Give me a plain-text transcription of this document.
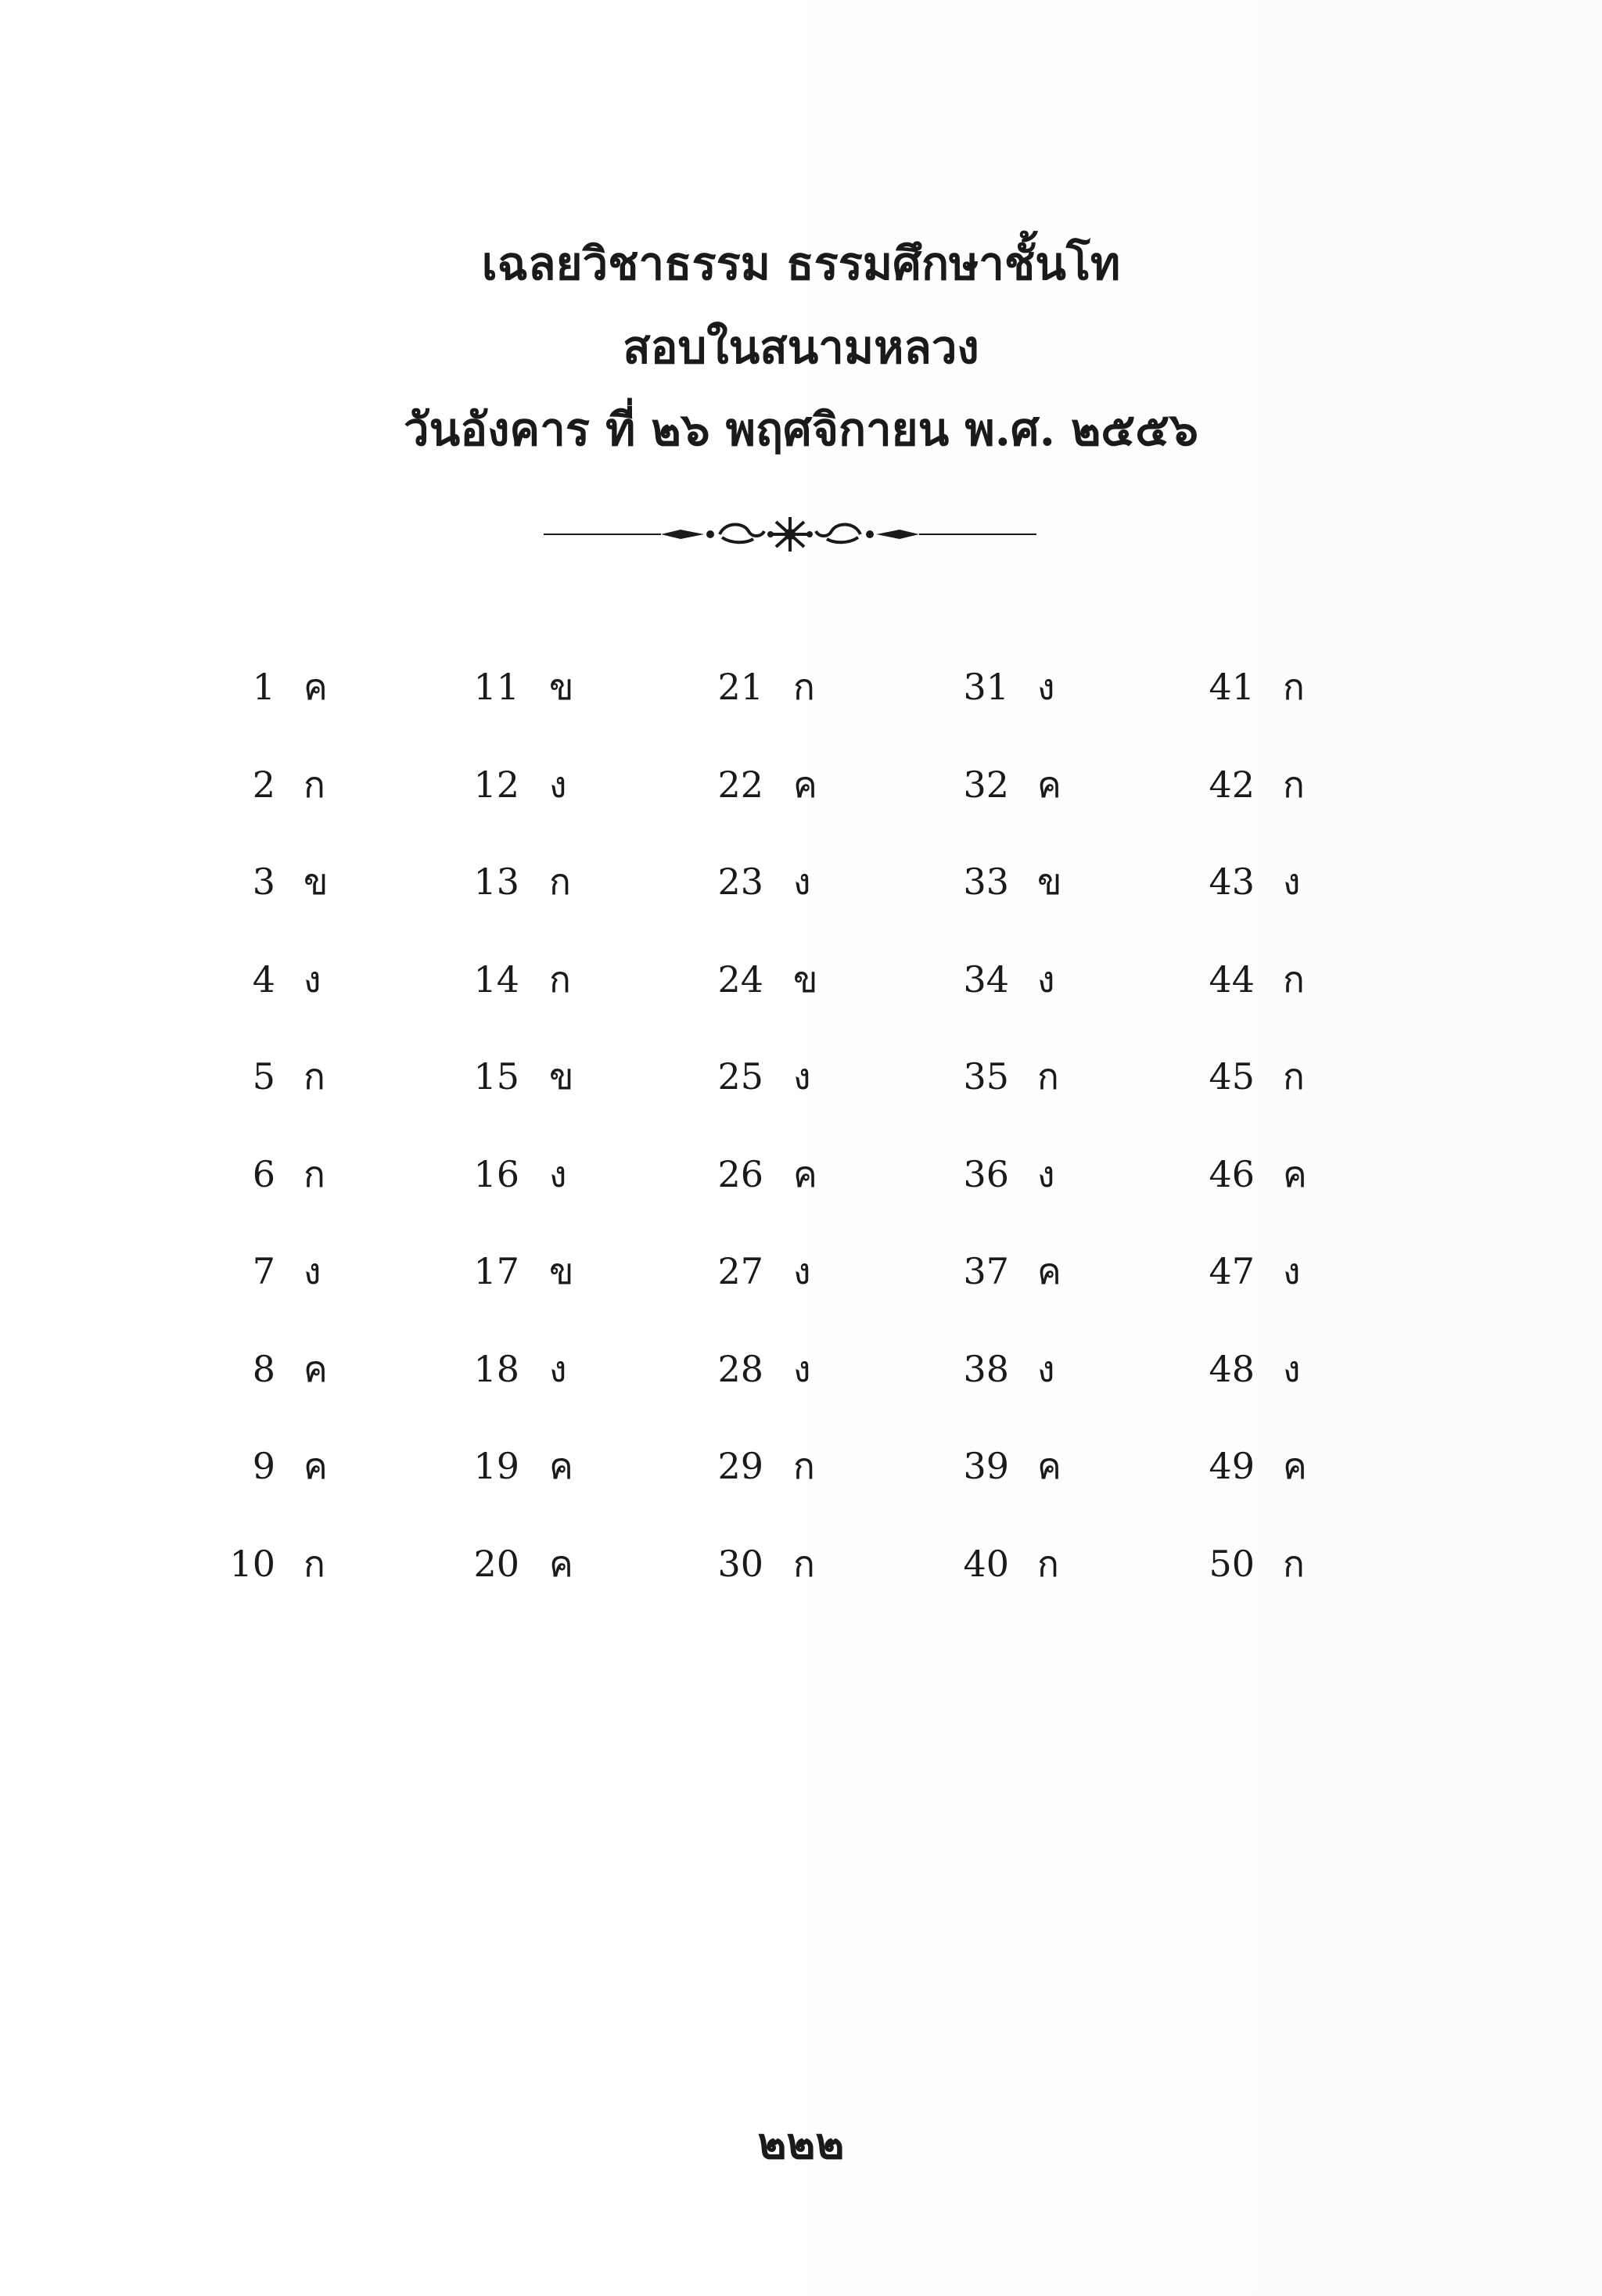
เฉลยวิชาธรรม ธรรมศึกษาชั้นโท
สอบในสนามหลวง
วันอังคาร ที่ ๒๖ พฤศจิกายน พ.ศ. ๒๕๕๖
1 ค
2 ก
3 ข
4 ง
5 ก
6 ก
7 ง
8 ค
9 ค
10 ก
11 ข
12 ง
13 ก
14 ก
15 ข
16 ง
17 ข
18 ง
19 ค
20 ค
21 ก
22 ค
23 ง
24 ข
25 ง
26 ค
27 ง
28 ง
29 ก
30 ก
31 ง
32 ค
33 ข
34 ง
35 ก
36 ง
37 ค
38 ง
39 ค
40 ก
41 ก
42 ก
43 ง
44 ก
45 ก
46 ค
47 ง
48 ง
49 ค
50 ก
๒๒๒
